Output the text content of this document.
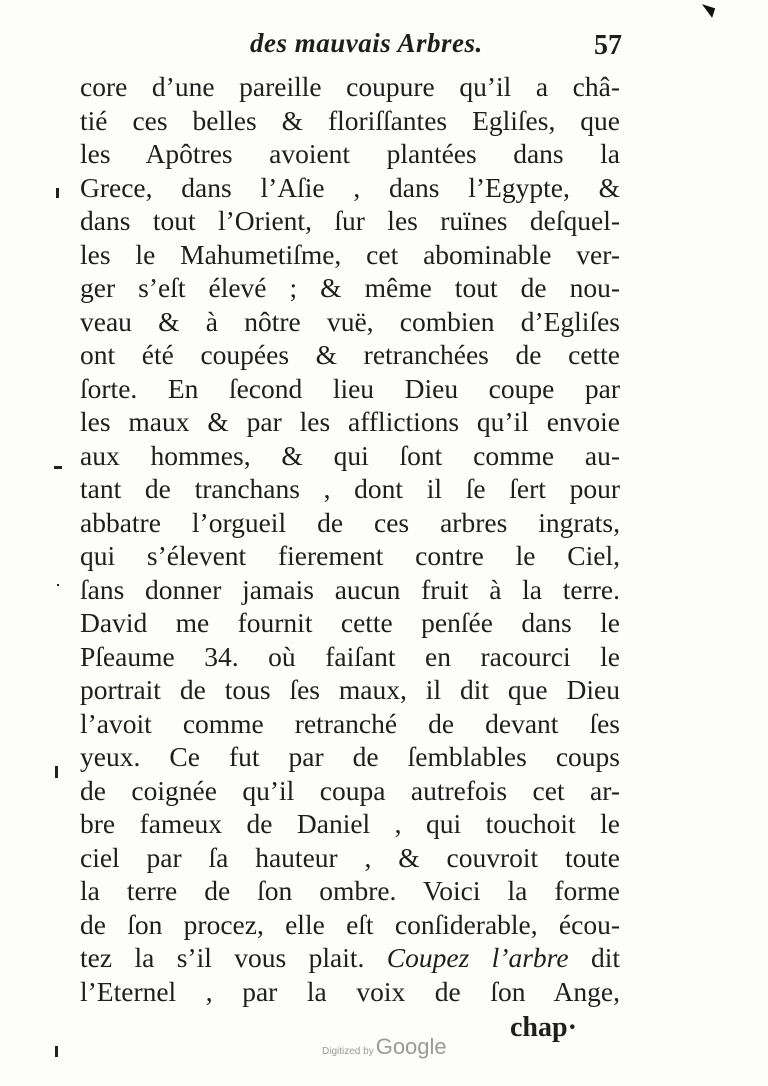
des mauvais Arbres.	57
core d’une pareille coupure qu’il a châ-
tié ces belles & floriſſantes Egliſes, que
les Apôtres avoient plantées dans la
Grece, dans l’Aſie , dans l’Egypte, &
dans tout l’Orient, ſur les ruïnes deſquel-
les le Mahumetiſme, cet abominable ver-
ger s’eſt élevé ; & même tout de nou-
veau & à nôtre vuë, combien d’Egliſes
ont été coupées & retranchées de cette
ſorte. En ſecond lieu Dieu coupe par
les maux & par les afflictions qu’il envoie
aux hommes, & qui ſont comme au-
tant de tranchans , dont il ſe ſert pour
abbatre l’orgueil de ces arbres ingrats,
qui s’élevent fierement contre le Ciel,
ſans donner jamais aucun fruit à la terre.
David me fournit cette penſée dans le
Pſeaume 34. où faiſant en racourci le
portrait de tous ſes maux, il dit que Dieu
l’avoit comme retranché de devant ſes
yeux. Ce fut par de ſemblables coups
de coignée qu’il coupa autrefois cet ar-
bre fameux de Daniel , qui touchoit le
ciel par ſa hauteur , & couvroit toute
la terre de ſon ombre. Voici la forme
de ſon procez, elle eſt conſiderable, écou-
tez la s’il vous plait. Coupez l’arbre dit
l’Eternel , par la voix de ſon Ange,
chap·
Digitized byGoogle
